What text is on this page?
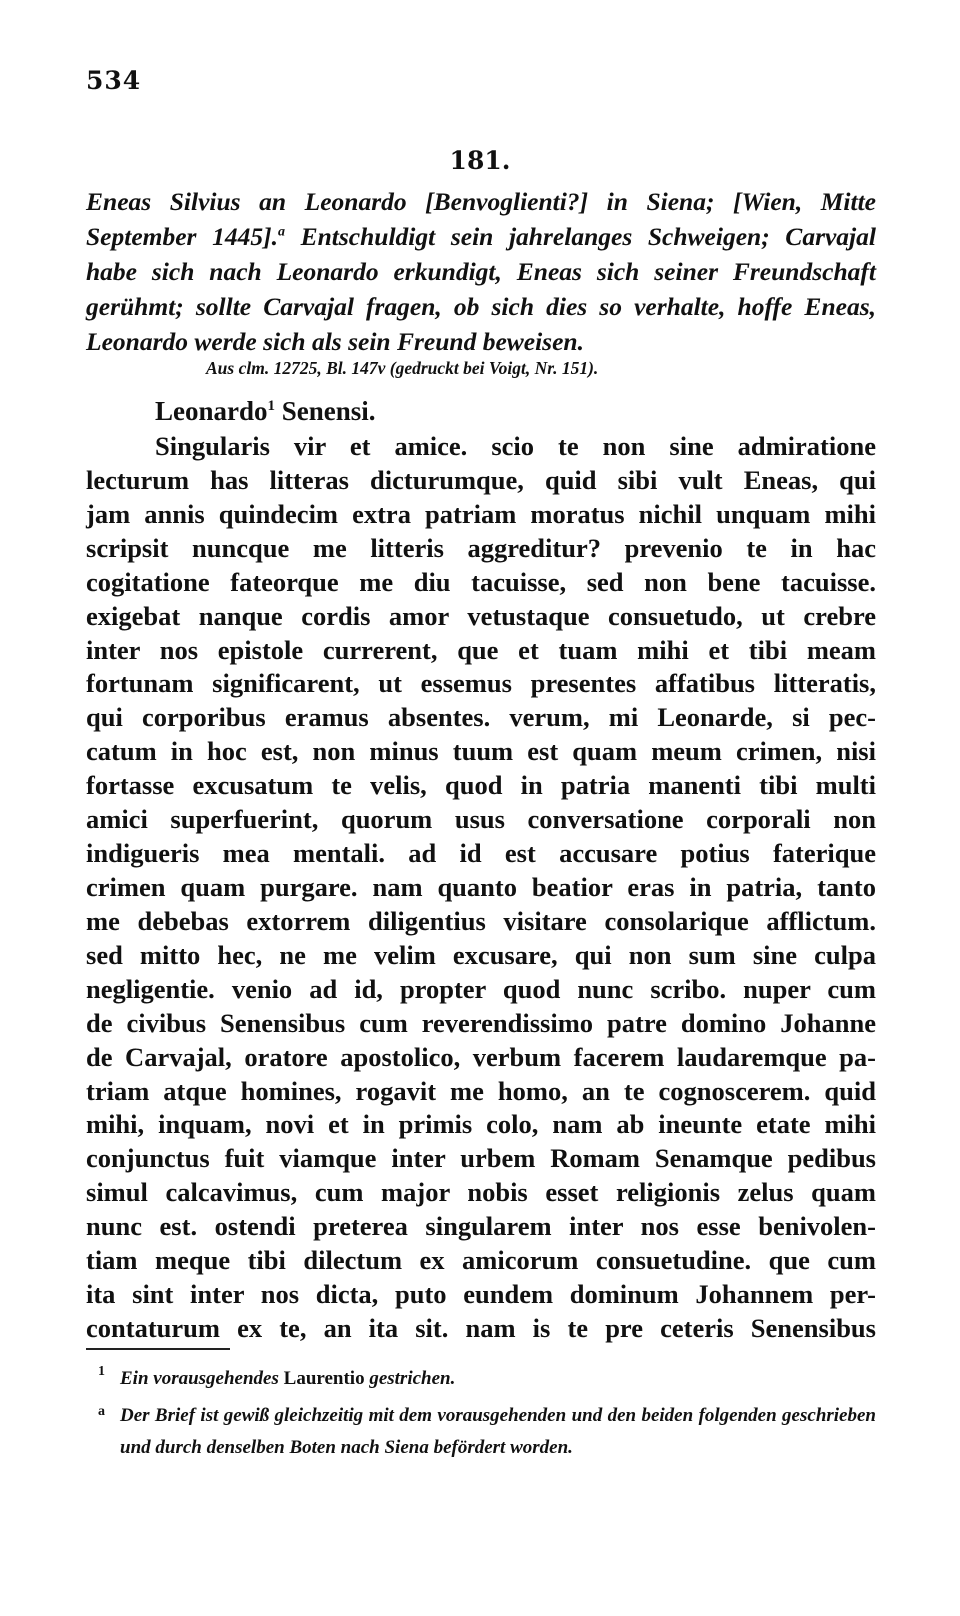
534
181.
Eneas Silvius an Leonardo [Benvoglienti?] in Siena; [Wien, Mitte September 1445].$^a$ Entschuldigt sein jahrelanges Schweigen; Carvajal habe sich nach Leonardo erkundigt, Eneas sich seiner Freundschaft gerühmt; sollte Carvajal fragen, ob sich dies so verhalte, hoffe Eneas, Leonardo werde sich als sein Freund beweisen.
Aus clm. 12725, Bl. 147v (gedruckt bei Voigt, Nr. 151).
Leonardo$^1$ Senensi.
Singularis vir et amice. scio te non sine admiratione
lecturum has litteras dicturumque, quid sibi vult Eneas, qui
jam annis quindecim extra patriam moratus nichil unquam mihi
scripsit nuncque me litteris aggreditur? prevenio te in hac
cogitatione fateorque me diu tacuisse, sed non bene tacuisse.
exigebat nanque cordis amor vetustaque consuetudo, ut crebre
inter nos epistole currerent, que et tuam mihi et tibi meam
fortunam significarent, ut essemus presentes affatibus litteratis,
qui corporibus eramus absentes. verum, mi Leonarde, si pec-
catum in hoc est, non minus tuum est quam meum crimen, nisi
fortasse excusatum te velis, quod in patria manenti tibi multi
amici superfuerint, quorum usus conversatione corporali non
indigueris mea mentali. ad id est accusare potius faterique
crimen quam purgare. nam quanto beatior eras in patria, tanto
me debebas extorrem diligentius visitare consolarique afflictum.
sed mitto hec, ne me velim excusare, qui non sum sine culpa
negligentie. venio ad id, propter quod nunc scribo. nuper cum
de civibus Senensibus cum reverendissimo patre domino Johanne
de Carvajal, oratore apostolico, verbum facerem laudaremque pa-
triam atque homines, rogavit me homo, an te cognoscerem. quid
mihi, inquam, novi et in primis colo, nam ab ineunte etate mihi
conjunctus fuit viamque inter urbem Romam Senamque pedibus
simul calcavimus, cum major nobis esset religionis zelus quam
nunc est. ostendi preterea singularem inter nos esse benivolen-
tiam meque tibi dilectum ex amicorum consuetudine. que cum
ita sint inter nos dicta, puto eundem dominum Johannem per-
contaturum ex te, an ita sit. nam is te pre ceteris Senensibus
1 Ein vorausgehendes Laurentio gestrichen.
a Der Brief ist gewiß gleichzeitig mit dem vorausgehenden und den beiden folgenden geschrieben und durch denselben Boten nach Siena befördert worden.
